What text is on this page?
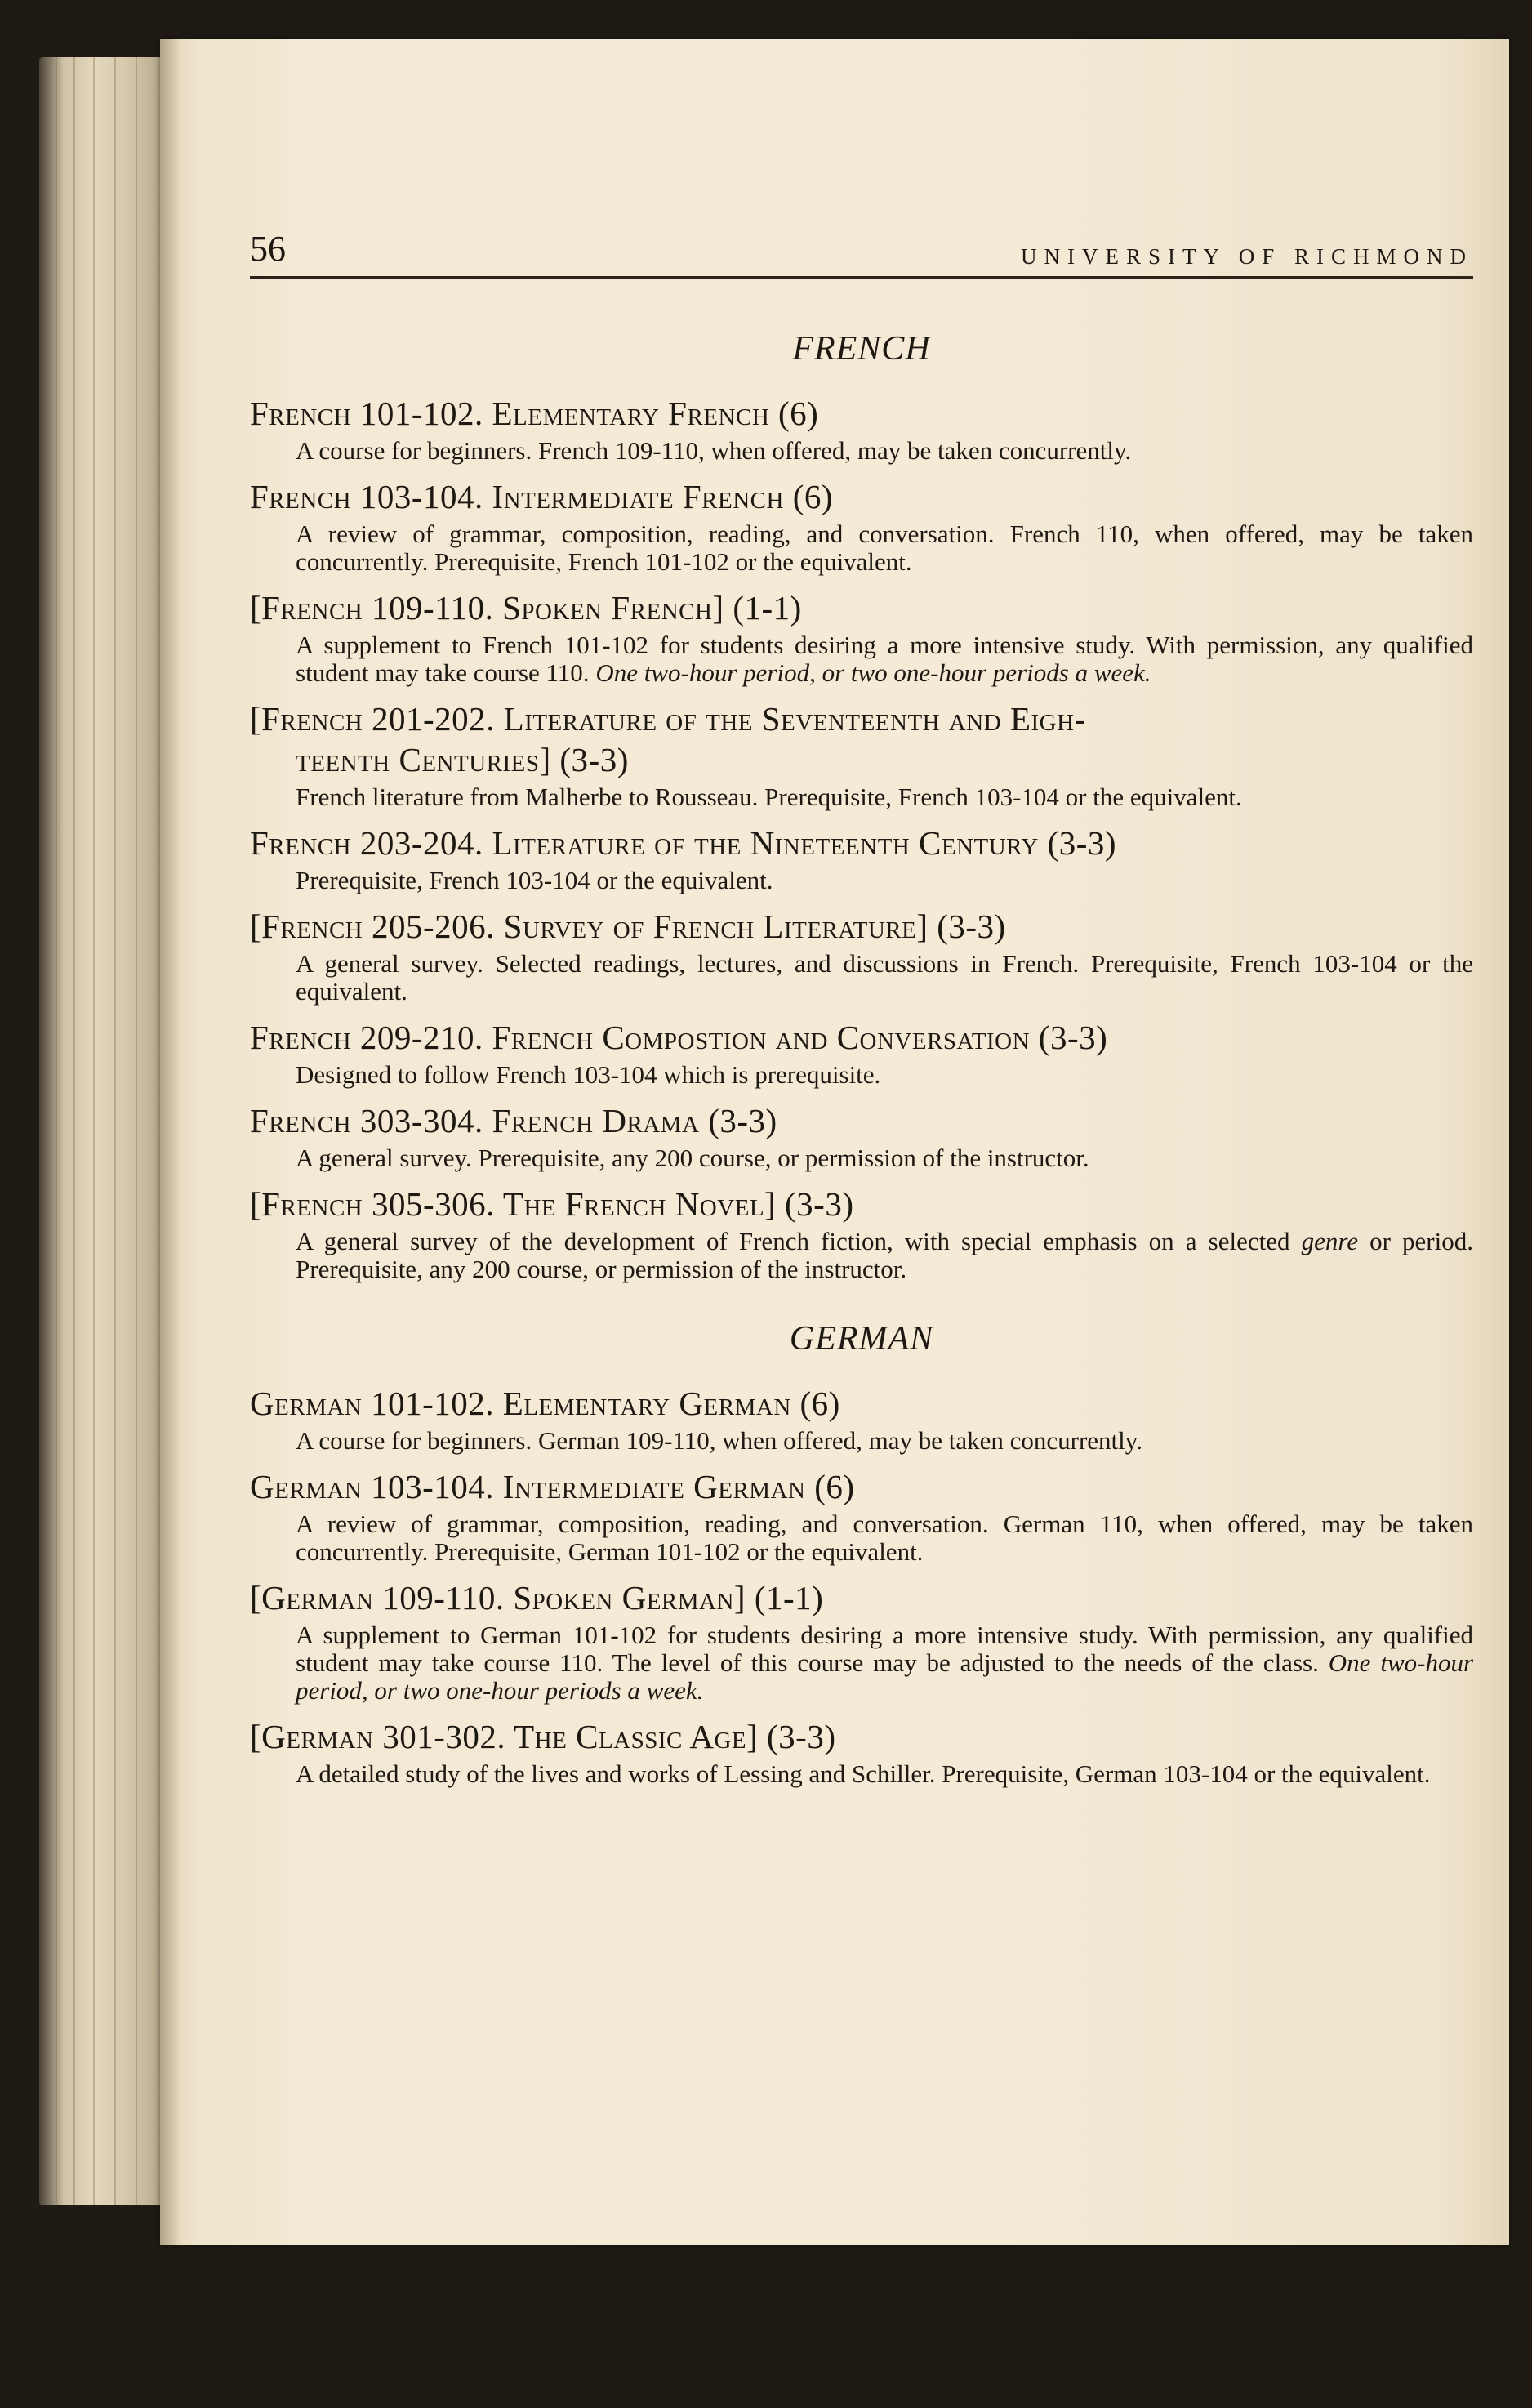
56	UNIVERSITY OF RICHMOND
FRENCH
French 101-102. Elementary French (6)
A course for beginners. French 109-110, when offered, may be taken concurrently.
French 103-104. Intermediate French (6)
A review of grammar, composition, reading, and conversation. French 110, when offered, may be taken concurrently. Prerequisite, French 101-102 or the equivalent.
[French 109-110. Spoken French] (1-1)
A supplement to French 101-102 for students desiring a more intensive study. With permission, any qualified student may take course 110. One two-hour period, or two one-hour periods a week.
[French 201-202. Literature of the Seventeenth and Eigh-
teenth Centuries] (3-3)
French literature from Malherbe to Rousseau. Prerequisite, French 103-104 or the equivalent.
French 203-204. Literature of the Nineteenth Century (3-3)
Prerequisite, French 103-104 or the equivalent.
[French 205-206. Survey of French Literature] (3-3)
A general survey. Selected readings, lectures, and discussions in French. Prerequisite, French 103-104 or the equivalent.
French 209-210. French Compostion and Conversation (3-3)
Designed to follow French 103-104 which is prerequisite.
French 303-304. French Drama (3-3)
A general survey. Prerequisite, any 200 course, or permission of the instructor.
[French 305-306. The French Novel] (3-3)
A general survey of the development of French fiction, with special emphasis on a selected genre or period. Prerequisite, any 200 course, or permission of the instructor.
GERMAN
German 101-102. Elementary German (6)
A course for beginners. German 109-110, when offered, may be taken concurrently.
German 103-104. Intermediate German (6)
A review of grammar, composition, reading, and conversation. German 110, when offered, may be taken concurrently. Prerequisite, German 101-102 or the equivalent.
[German 109-110. Spoken German] (1-1)
A supplement to German 101-102 for students desiring a more intensive study. With permission, any qualified student may take course 110. The level of this course may be adjusted to the needs of the class. One two-hour period, or two one-hour periods a week.
[German 301-302. The Classic Age] (3-3)
A detailed study of the lives and works of Lessing and Schiller. Prerequisite, German 103-104 or the equivalent.
